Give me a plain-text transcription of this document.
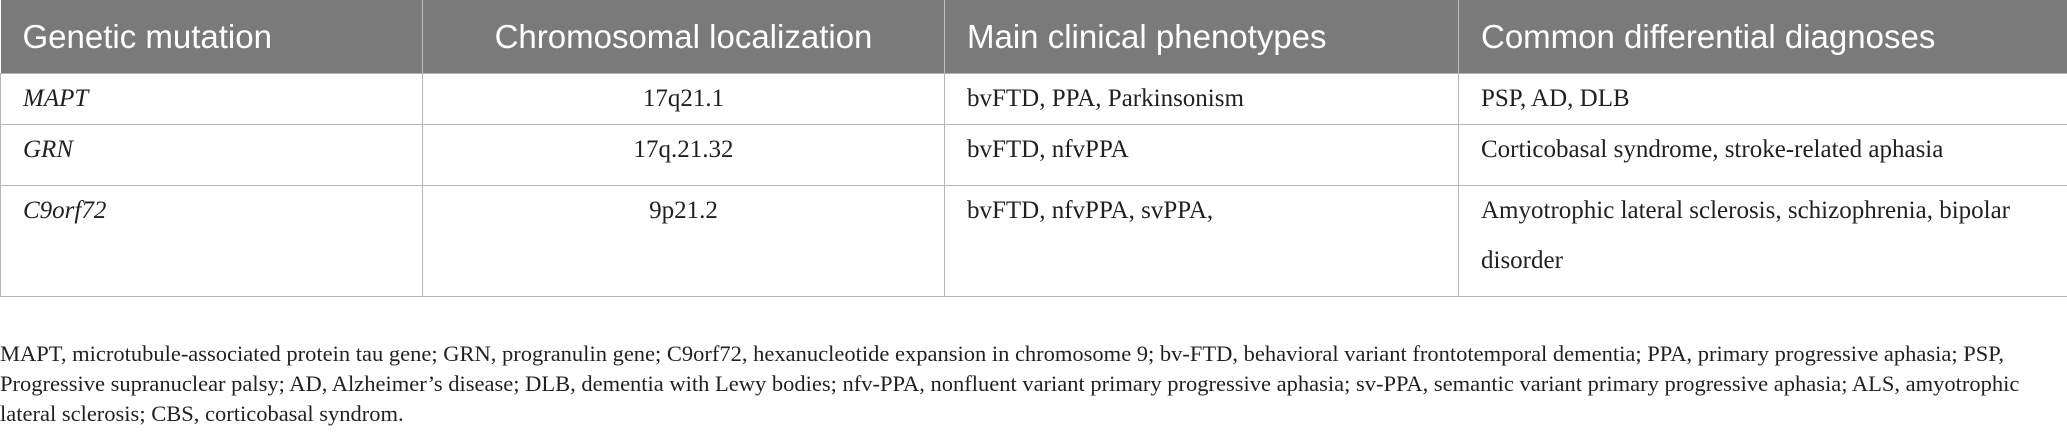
Genetic mutation	Chromosomal localization	Main clinical phenotypes	Common differential diagnoses
MAPT	17q21.1	bvFTD, PPA, Parkinsonism	PSP, AD, DLB
GRN	17q.21.32	bvFTD, nfvPPA	Corticobasal syndrome, stroke-related aphasia
C9orf72	9p21.2	bvFTD, nfvPPA, svPPA,	Amyotrophic lateral sclerosis, schizophrenia, bipolar disorder

MAPT, microtubule-associated protein tau gene; GRN, progranulin gene; C9orf72, hexanucleotide expansion in chromosome 9; bv-FTD, behavioral variant frontotemporal dementia; PPA, primary progressive aphasia; PSP, Progressive supranuclear palsy; AD, Alzheimer’s disease; DLB, dementia with Lewy bodies; nfv-PPA, nonfluent variant primary progressive aphasia; sv-PPA, semantic variant primary progressive aphasia; ALS, amyotrophic lateral sclerosis; CBS, corticobasal syndrom.
